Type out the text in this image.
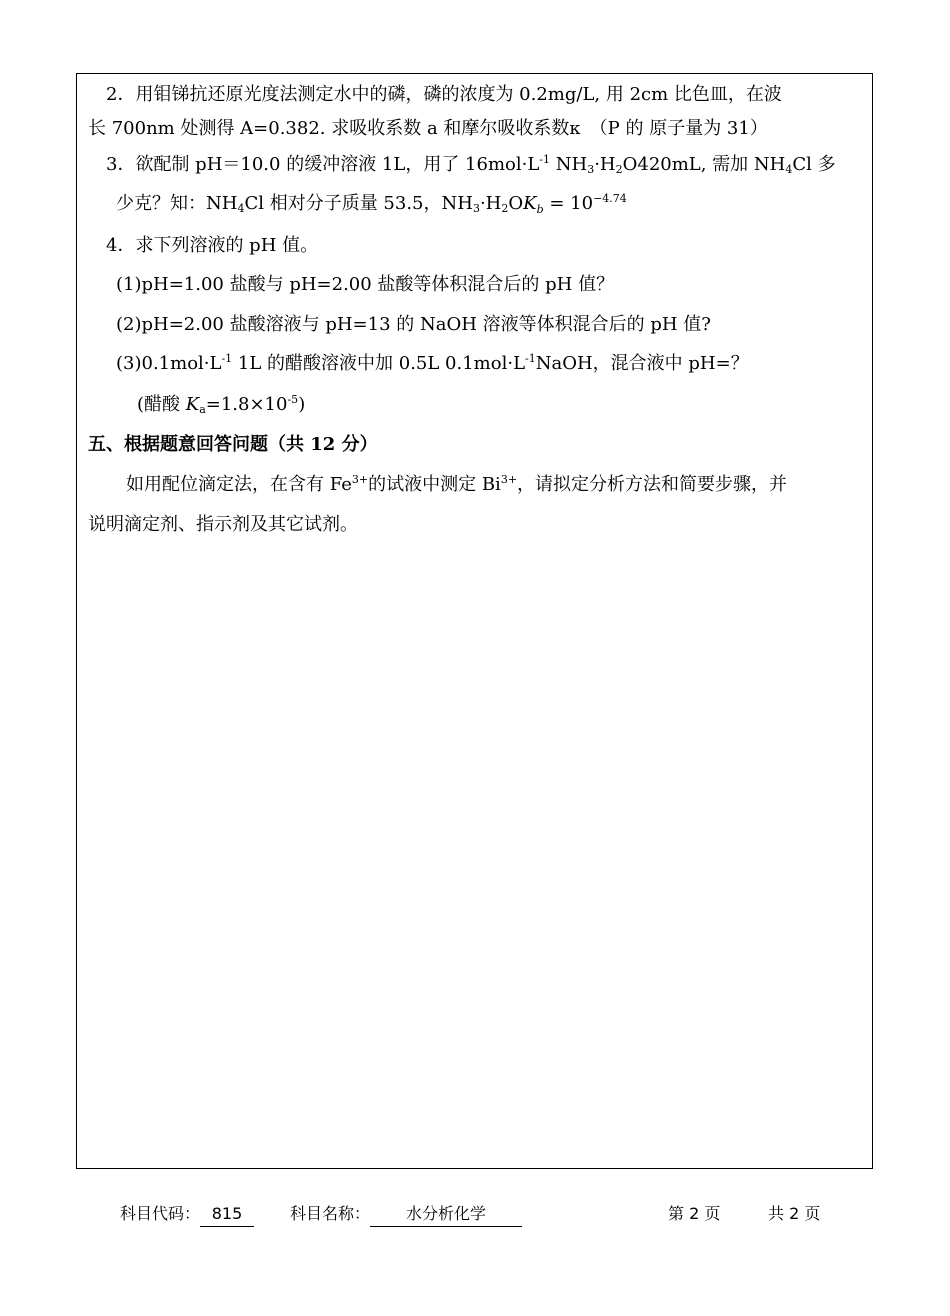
2．用钼锑抗还原光度法测定水中的磷，磷的浓度为 0.2mg/L, 用 2cm 比色皿，在波
长 700nm 处测得 A=0.382. 求吸收系数 a 和摩尔吸收系数κ　（P 的 原子量为 31）
3．欲配制 pH＝10.0 的缓冲溶液 1L，用了 $16mol\cdot L^{-1}$ $NH_3\cdot H_2O420mL$, 需加 $NH_4Cl$ 多
少克？知：$NH_4Cl$ 相对分子质量 53.5，$NH_3\cdot H_2OK_b = 10^{-4.74}$
4．求下列溶液的 pH 值。
(1)pH=1.00 盐酸与 pH=2.00 盐酸等体积混合后的 pH 值？
(2)pH=2.00 盐酸溶液与 pH=13 的 NaOH 溶液等体积混合后的 pH 值?
$(3)0.1mol\cdot L^{-1}$ 1L 的醋酸溶液中加 0.5L $0.1mol\cdot L^{-1}NaOH$，混合液中 pH=？
(醋酸 $K_a=1.8\times 10^{-5}$)
五、根据题意回答问题（共 12 分）
如用配位滴定法，在含有 $Fe^{3+}$的试液中测定 $Bi^{3+}$，请拟定分析方法和简要步骤，并
说明滴定剂、指示剂及其它试剂。
科目代码： 815	科目名称： 水分析化学	第 2 页	共 2 页
